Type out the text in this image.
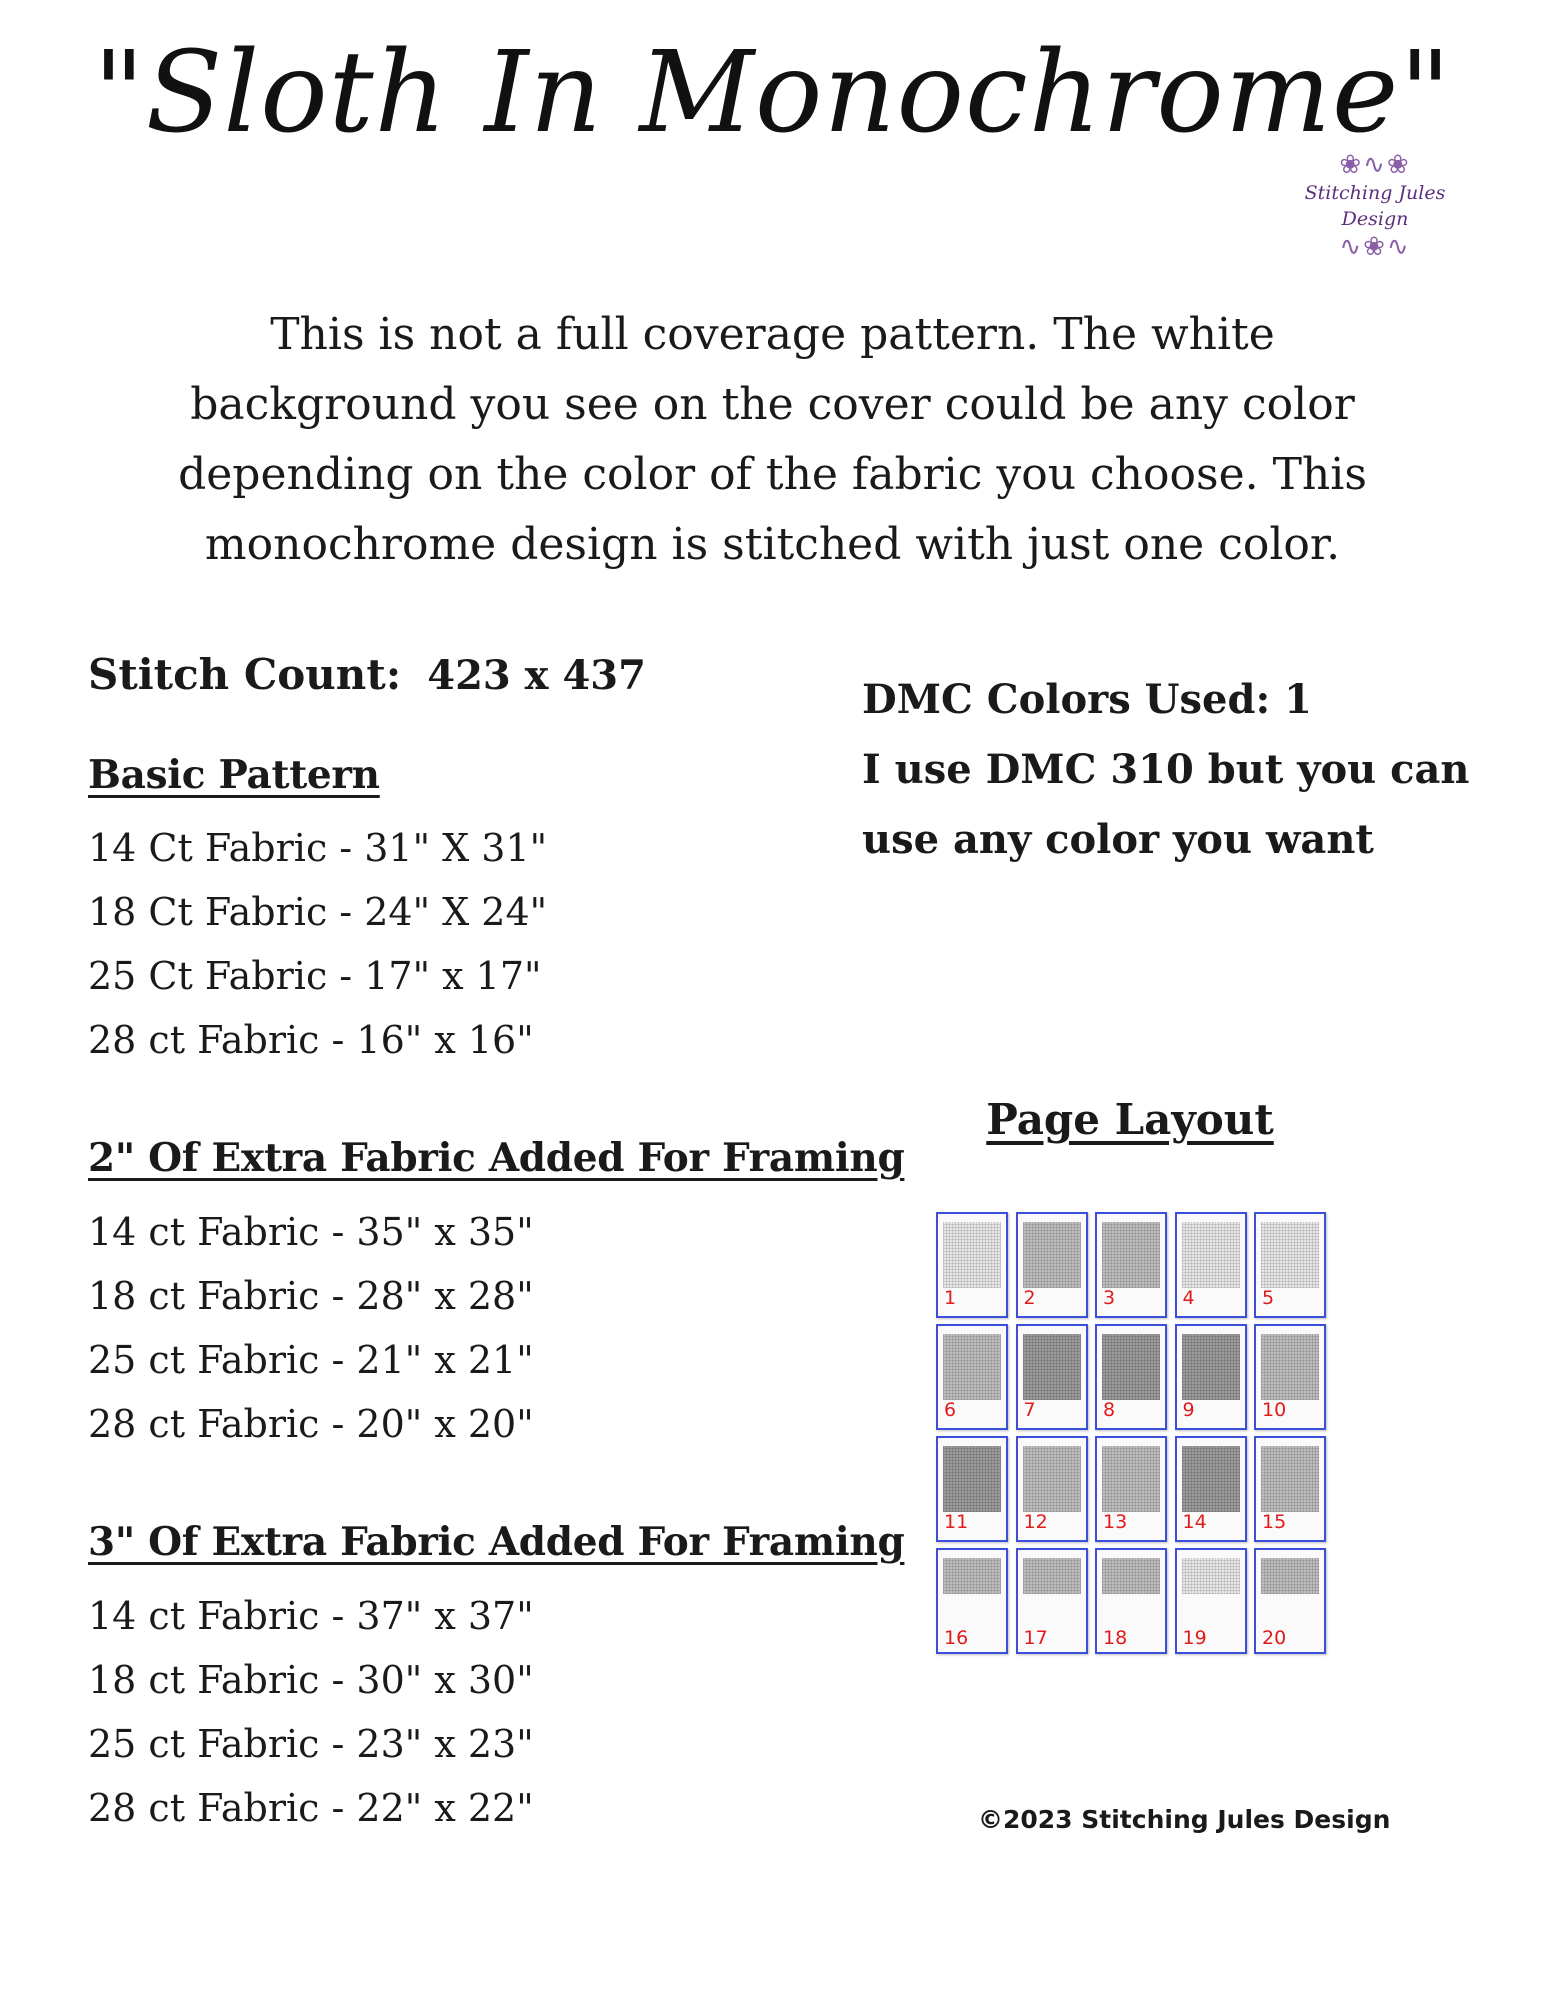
"Sloth In Monochrome"
❀∿❀
Stitching Jules Design
∿❀∿
This is not a full coverage pattern. The white background you see on the cover could be any color depending on the color of the fabric you choose. This monochrome design is stitched with just one color.
Stitch Count: 423 x 437
Basic Pattern
14 Ct Fabric - 31" X 31"
18 Ct Fabric - 24" X 24"
25 Ct Fabric - 17" x 17"
28 ct Fabric - 16" x 16"
2" Of Extra Fabric Added For Framing
14 ct Fabric - 35" x 35"
18 ct Fabric - 28" x 28"
25 ct Fabric - 21" x 21"
28 ct Fabric - 20" x 20"
3" Of Extra Fabric Added For Framing
14 ct Fabric - 37" x 37"
18 ct Fabric - 30" x 30"
25 ct Fabric - 23" x 23"
28 ct Fabric - 22" x 22"
DMC Colors Used: 1
I use DMC 310 but you can
use any color you want
Page Layout
1	2	3	4	5
6	7	8	9	10
11	12	13	14	15
16	17	18	19	20
©2023 Stitching Jules Design
